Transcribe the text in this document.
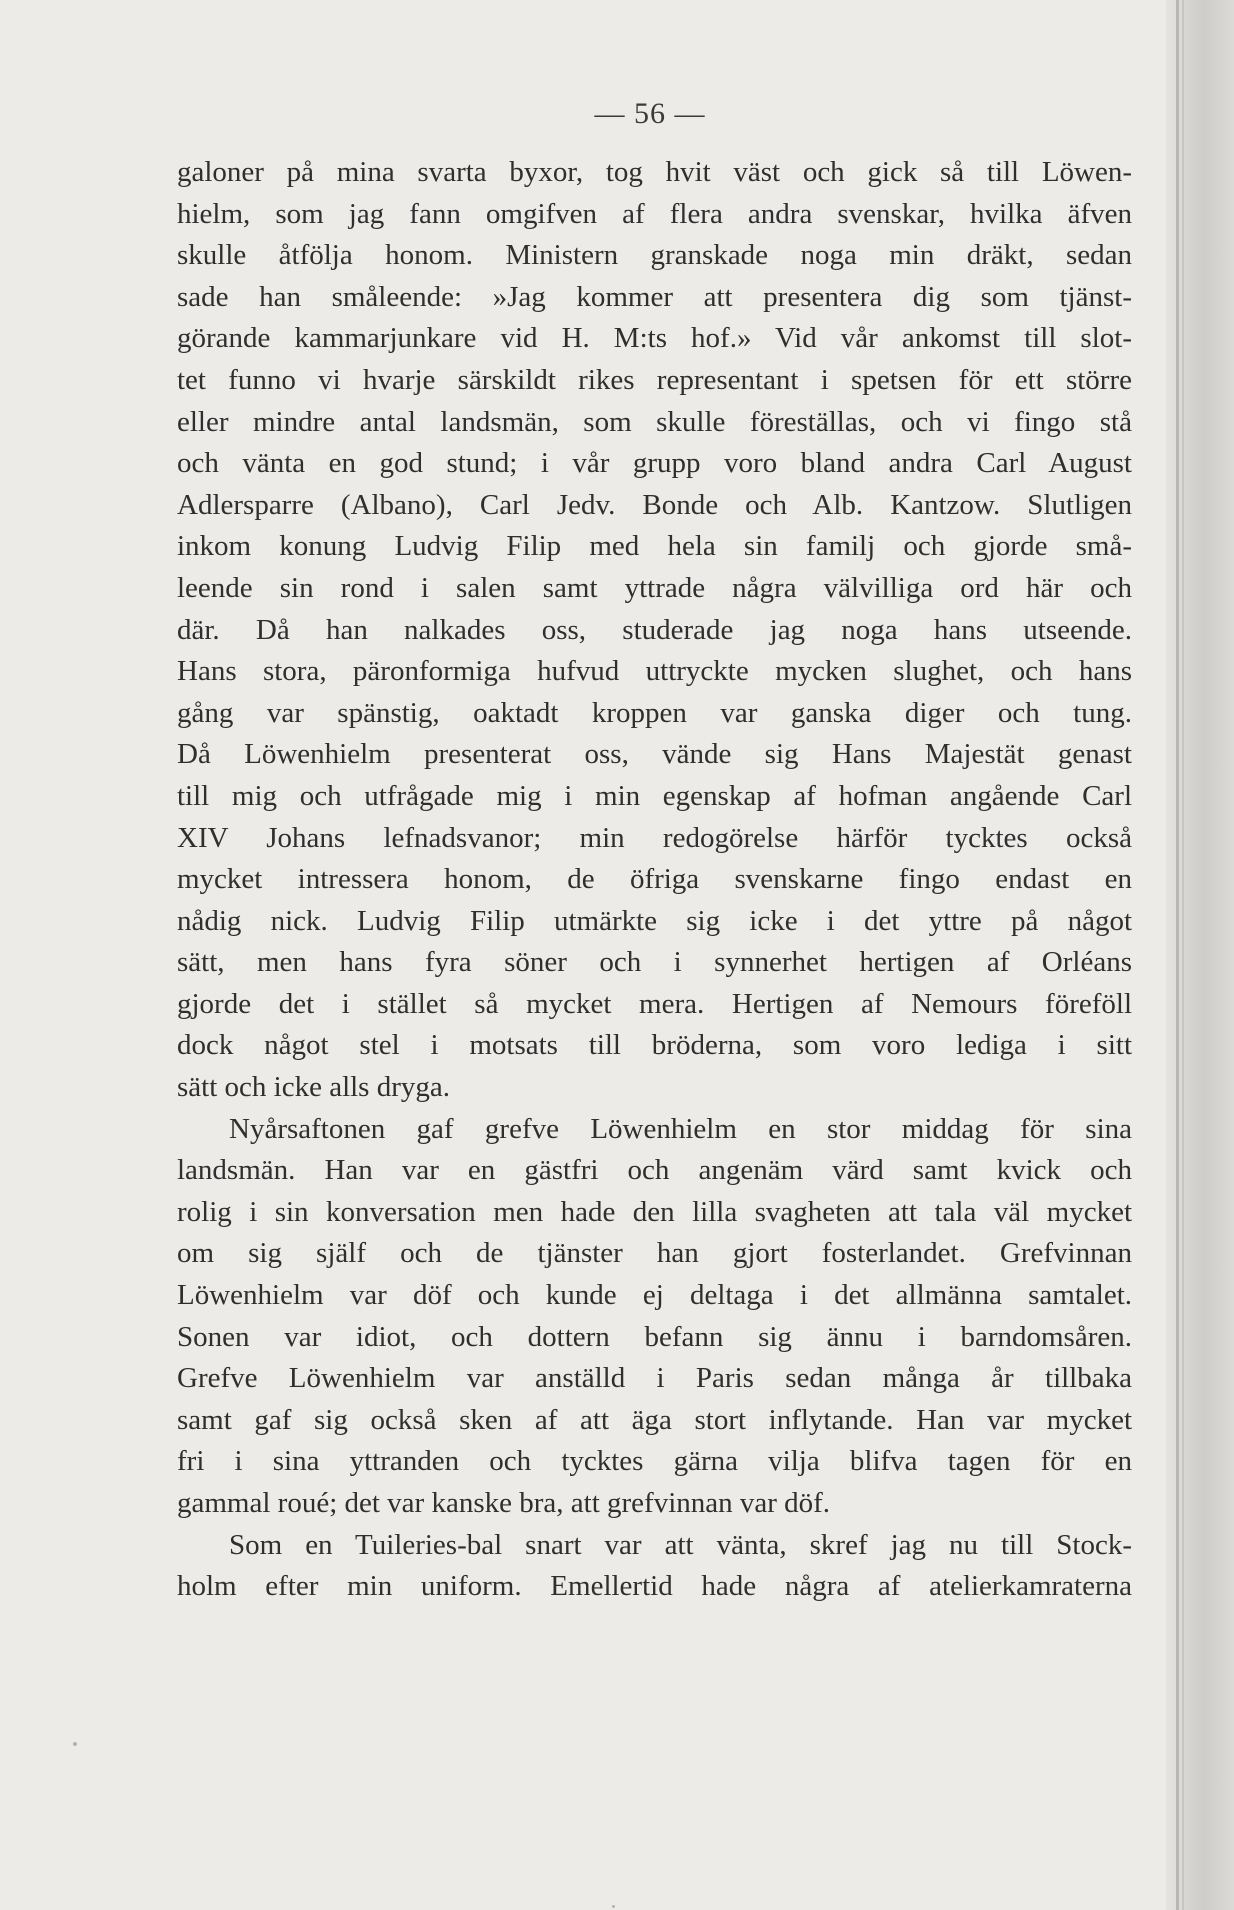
— 56 —
galoner på mina svarta byxor, tog hvit väst och gick så till Löwen-
hielm, som jag fann omgifven af flera andra svenskar, hvilka äfven
skulle åtfölja honom. Ministern granskade noga min dräkt, sedan
sade han småleende: »Jag kommer att presentera dig som tjänst-
görande kammarjunkare vid H. M:ts hof.» Vid vår ankomst till slot-
tet funno vi hvarje särskildt rikes representant i spetsen för ett större
eller mindre antal landsmän, som skulle föreställas, och vi fingo stå
och vänta en god stund; i vår grupp voro bland andra Carl August
Adlersparre (Albano), Carl Jedv. Bonde och Alb. Kantzow. Slutligen
inkom konung Ludvig Filip med hela sin familj och gjorde små-
leende sin rond i salen samt yttrade några välvilliga ord här och
där. Då han nalkades oss, studerade jag noga hans utseende.
Hans stora, päronformiga hufvud uttryckte mycken slughet, och hans
gång var spänstig, oaktadt kroppen var ganska diger och tung.
Då Löwenhielm presenterat oss, vände sig Hans Majestät genast
till mig och utfrågade mig i min egenskap af hofman angående Carl
XIV Johans lefnadsvanor; min redogörelse härför tycktes också
mycket intressera honom, de öfriga svenskarne fingo endast en
nådig nick. Ludvig Filip utmärkte sig icke i det yttre på något
sätt, men hans fyra söner och i synnerhet hertigen af Orléans
gjorde det i stället så mycket mera. Hertigen af Nemours föreföll
dock något stel i motsats till bröderna, som voro lediga i sitt
sätt och icke alls dryga.
Nyårsaftonen gaf grefve Löwenhielm en stor middag för sina
landsmän. Han var en gästfri och angenäm värd samt kvick och
rolig i sin konversation men hade den lilla svagheten att tala väl mycket
om sig själf och de tjänster han gjort fosterlandet. Grefvinnan
Löwenhielm var döf och kunde ej deltaga i det allmänna samtalet.
Sonen var idiot, och dottern befann sig ännu i barndomsåren.
Grefve Löwenhielm var anställd i Paris sedan många år tillbaka
samt gaf sig också sken af att äga stort inflytande. Han var mycket
fri i sina yttranden och tycktes gärna vilja blifva tagen för en
gammal roué; det var kanske bra, att grefvinnan var döf.
Som en Tuileries-bal snart var att vänta, skref jag nu till Stock-
holm efter min uniform. Emellertid hade några af atelierkamraterna
